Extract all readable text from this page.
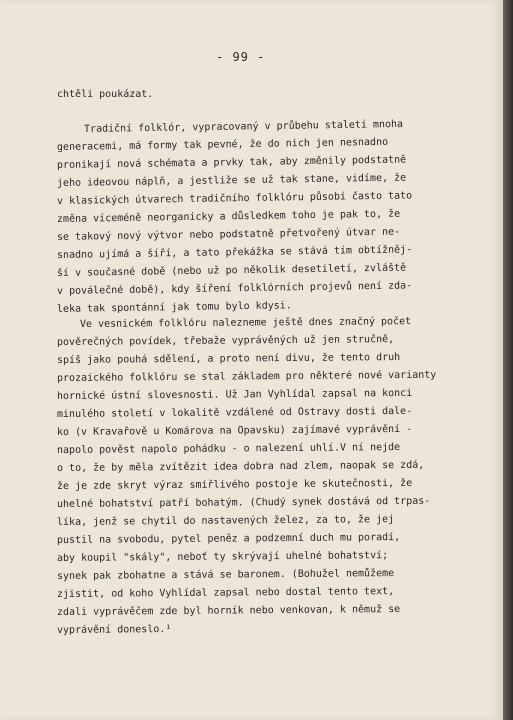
- 99 -
chtěli poukázat.
Tradiční folklór, vypracovaný v průbehu staletí mnoha
generacemi, má formy tak pevné, že do nich jen nesnadno
pronikají nová schémata a prvky tak, aby změnily podstatně
jeho ideovou náplň, a jestliže se už tak stane, vidíme, že
v klasických útvarech tradičního folklóru působí často tato
změna víceméně neorganicky a důsledkem toho je pak to, že
se takový nový výtvor nebo podstatně přetvořený útvar ne-
snadno ujímá a šíří, a tato překážka se stává tím obtížněj-
ší v současné době (nebo už po několik desetiletí, zvláště
v poválečné době), kdy šíření folklórních projevů není zda-
leka tak spontánní jak tomu bylo kdysi.
Ve vesnickém folklóru nalezneme ještě dnes značný počet
pověrečných povídek, třebaže vyprávěných už jen stručně,
spíš jako pouhá sdělení, a proto není divu, že tento druh
prozaického folklóru se stal základem pro některé nové varianty
hornické ústní slovesnosti. Už Jan Vyhlídal zapsal na konci
minulého století v lokalitě vzdálené od Ostravy dosti dale-
ko (v Kravařově u Komárova na Opavsku) zajímavé vyprávění -
napolo pověst napolo pohádku - o nalezení uhlí.V ní nejde
o to, že by měla zvítězit idea dobra nad zlem, naopak se zdá,
že je zde skryt výraz smířlivého postoje ke skutečnosti, že
uhelné bohatství patří bohatým. (Chudý synek dostává od trpas-
líka, jenž se chytil do nastavených želez, za to, že jej
pustil na svobodu, pytel peněz a podzemní duch mu poradí,
aby koupil "skály", neboť ty skrývají uhelné bohatství;
synek pak zbohatne a stává se baronem. (Bohužel nemůžeme
zjistit, od koho Vyhlídal zapsal nebo dostal tento text,
zdali vyprávěčem zde byl horník nebo venkovan, k němuž se
vyprávění doneslo.¹
